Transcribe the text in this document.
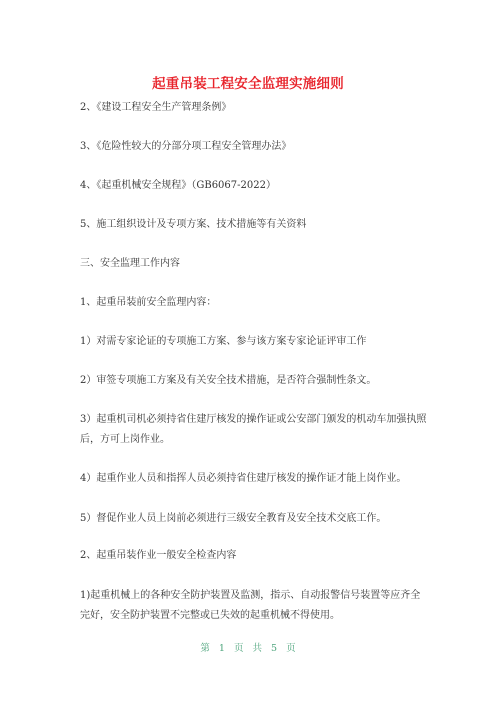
起重吊装工程安全监理实施细则
2、《建设工程安全生产管理条例》
3、《危险性较大的分部分项工程安全管理办法》
4、《起重机械安全规程》（GB6067-2022）
5、施工组织设计及专项方案、技术措施等有关资料
三、安全监理工作内容
1、起重吊装前安全监理内容：
1）对需专家论证的专项施工方案、参与该方案专家论证评审工作
2）审签专项施工方案及有关安全技术措施，是否符合强制性条文。
3）起重机司机必须持省住建厅核发的操作证或公安部门颁发的机动车加强执照后，方可上岗作业。
4）起重作业人员和指挥人员必须持省住建厅核发的操作证才能上岗作业。
5）督促作业人员上岗前必须进行三级安全教育及安全技术交底工作。
2、起重吊装作业一般安全检查内容
1)起重机械上的各种安全防护装置及监测，指示、自动报警信号装置等应齐全完好，安全防护装置不完整或已失效的起重机械不得使用。
第 1 页 共 5 页
